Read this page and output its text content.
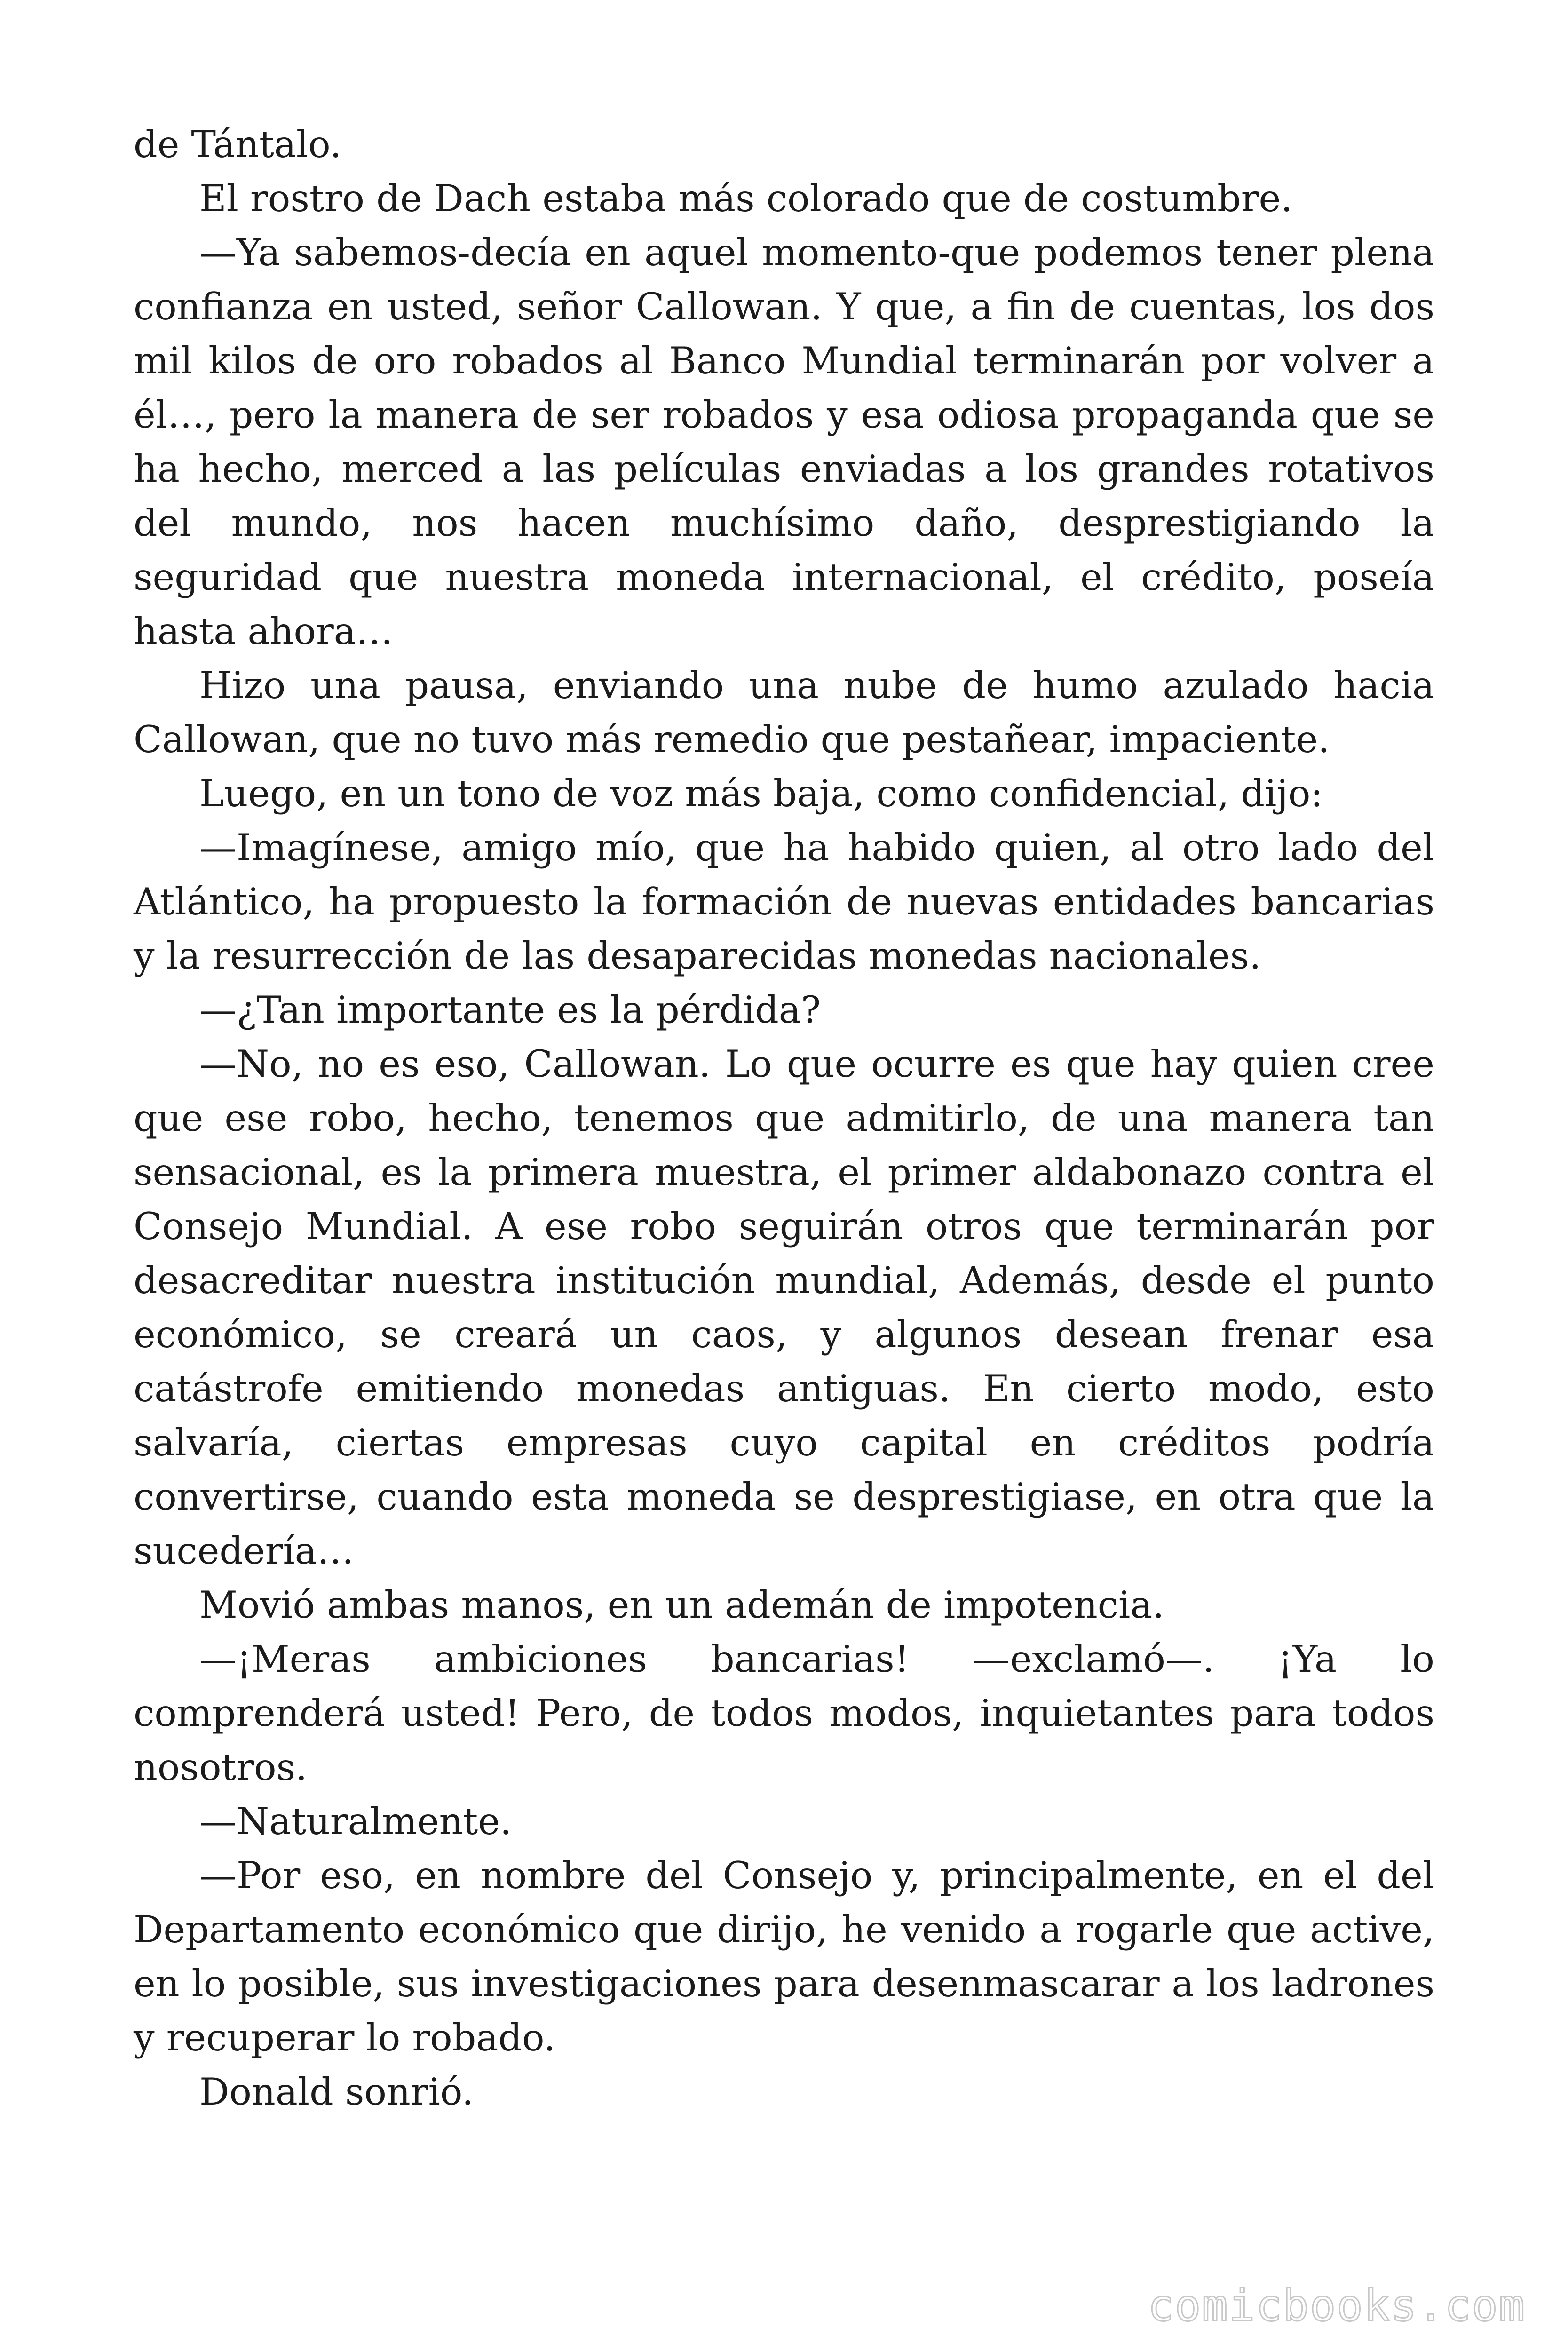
de Tántalo.

El rostro de Dach estaba más colorado que de costumbre.

—Ya sabemos-decía en aquel momento-que podemos tener plena confianza en usted, señor Callowan. Y que, a fin de cuentas, los dos mil kilos de oro robados al Banco Mundial terminarán por volver a él…, pero la manera de ser robados y esa odiosa propaganda que se ha hecho, merced a las películas enviadas a los grandes rotativos del mundo, nos hacen muchísimo daño, desprestigiando la seguridad que nuestra moneda internacional, el crédito, poseía hasta ahora…

Hizo una pausa, enviando una nube de humo azulado hacia Callowan, que no tuvo más remedio que pestañear, impaciente.

Luego, en un tono de voz más baja, como confidencial, dijo:

—Imagínese, amigo mío, que ha habido quien, al otro lado del Atlántico, ha propuesto la formación de nuevas entidades bancarias y la resurrección de las desaparecidas monedas nacionales.

—¿Tan importante es la pérdida?

—No, no es eso, Callowan. Lo que ocurre es que hay quien cree que ese robo, hecho, tenemos que admitirlo, de una manera tan sensacional, es la primera muestra, el primer aldabonazo contra el Consejo Mundial. A ese robo seguirán otros que terminarán por desacreditar nuestra institución mundial, Además, desde el punto económico, se creará un caos, y algunos desean frenar esa catástrofe emitiendo monedas antiguas. En cierto modo, esto salvaría, ciertas empresas cuyo capital en créditos podría convertirse, cuando esta moneda se desprestigiase, en otra que la sucedería…

Movió ambas manos, en un ademán de impotencia.

—¡Meras ambiciones bancarias! —exclamó—. ¡Ya lo comprenderá usted! Pero, de todos modos, inquietantes para todos nosotros.

—Naturalmente.

—Por eso, en nombre del Consejo y, principalmente, en el del Departamento económico que dirijo, he venido a rogarle que active, en lo posible, sus investigaciones para desenmascarar a los ladrones y recuperar lo robado.

Donald sonrió.

comicbooks.com
